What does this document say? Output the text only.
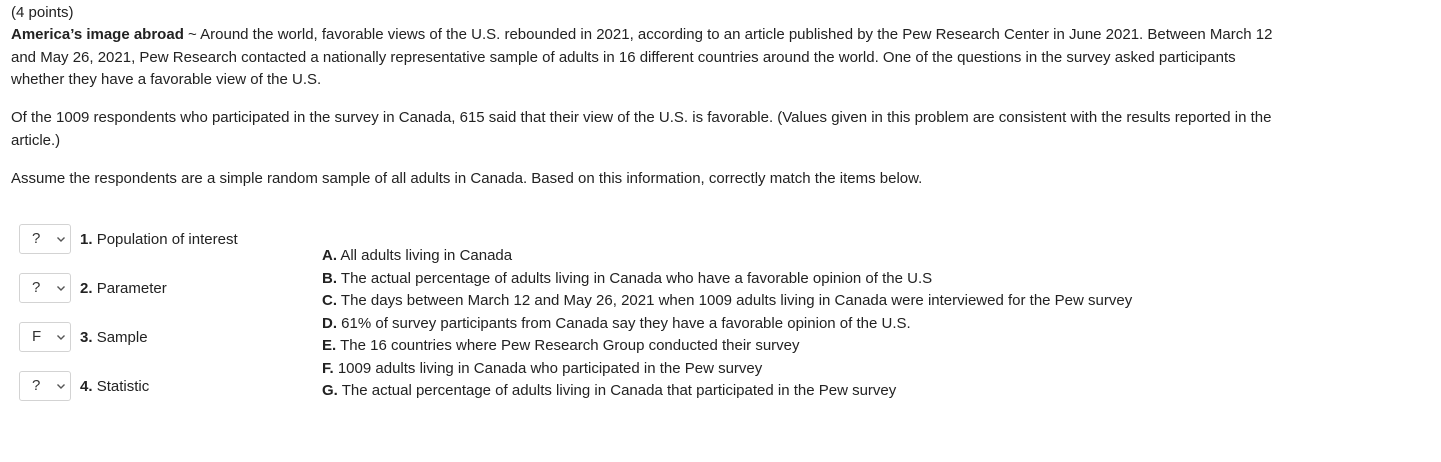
(4 points)

America’s image abroad ~ Around the world, favorable views of the U.S. rebounded in 2021, according to an article published by the Pew Research Center in June 2021. Between March 12 and May 26, 2021, Pew Research contacted a nationally representative sample of adults in 16 different countries around the world. One of the questions in the survey asked participants whether they have a favorable view of the U.S.

Of the 1009 respondents who participated in the survey in Canada, 615 said that their view of the U.S. is favorable. (Values given in this problem are consistent with the results reported in the article.)

Assume the respondents are a simple random sample of all adults in Canada. Based on this information, correctly match the items below.

?	1. Population of interest
?	2. Parameter
F	3. Sample
?	4. Statistic
A. All adults living in Canada
B. The actual percentage of adults living in Canada who have a favorable opinion of the U.S
C. The days between March 12 and May 26, 2021 when 1009 adults living in Canada were interviewed for the Pew survey
D. 61% of survey participants from Canada say they have a favorable opinion of the U.S.
E. The 16 countries where Pew Research Group conducted their survey
F. 1009 adults living in Canada who participated in the Pew survey
G. The actual percentage of adults living in Canada that participated in the Pew survey
